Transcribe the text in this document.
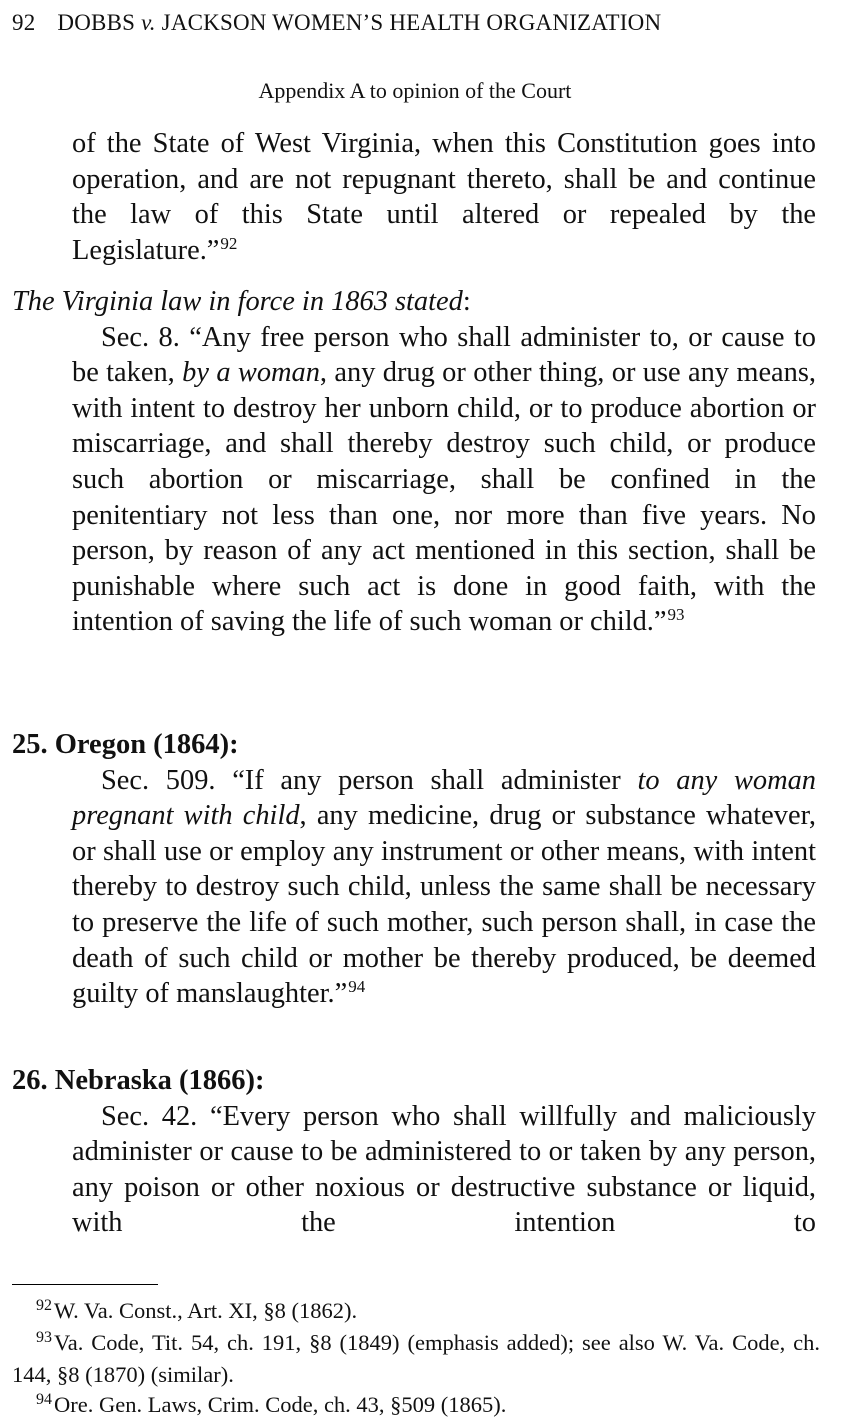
92 DOBBS v. JACKSON WOMEN’S HEALTH ORGANIZATION
Appendix A to opinion of the Court
of the State of West Virginia, when this Constitution goes into operation, and are not repugnant thereto, shall be and continue the law of this State until altered or repealed by the Legislature.”$^{92}$
The Virginia law in force in 1863 stated:
Sec. 8. “Any free person who shall administer to, or cause to be taken, by a woman, any drug or other thing, or use any means, with intent to destroy her unborn child, or to produce abortion or miscarriage, and shall thereby destroy such child, or produce such abortion or miscarriage, shall be confined in the penitentiary not less than one, nor more than five years. No person, by reason of any act mentioned in this section, shall be punishable where such act is done in good faith, with the intention of saving the life of such woman or child.”$^{93}$
25. Oregon (1864):
Sec. 509. “If any person shall administer to any woman pregnant with child, any medicine, drug or substance whatever, or shall use or employ any instrument or other means, with intent thereby to destroy such child, unless the same shall be necessary to preserve the life of such mother, such person shall, in case the death of such child or mother be thereby produced, be deemed guilty of manslaughter.”$^{94}$
26. Nebraska (1866):
Sec. 42. “Every person who shall willfully and maliciously administer or cause to be administered to or taken by any person, any poison or other noxious or destructive substance or liquid, with the intention to
$^{92}$W. Va. Const., Art. XI, §8 (1862).
$^{93}$Va. Code, Tit. 54, ch. 191, §8 (1849) (emphasis added); see also W. Va. Code, ch. 144, §8 (1870) (similar).
$^{94}$Ore. Gen. Laws, Crim. Code, ch. 43, §509 (1865).
